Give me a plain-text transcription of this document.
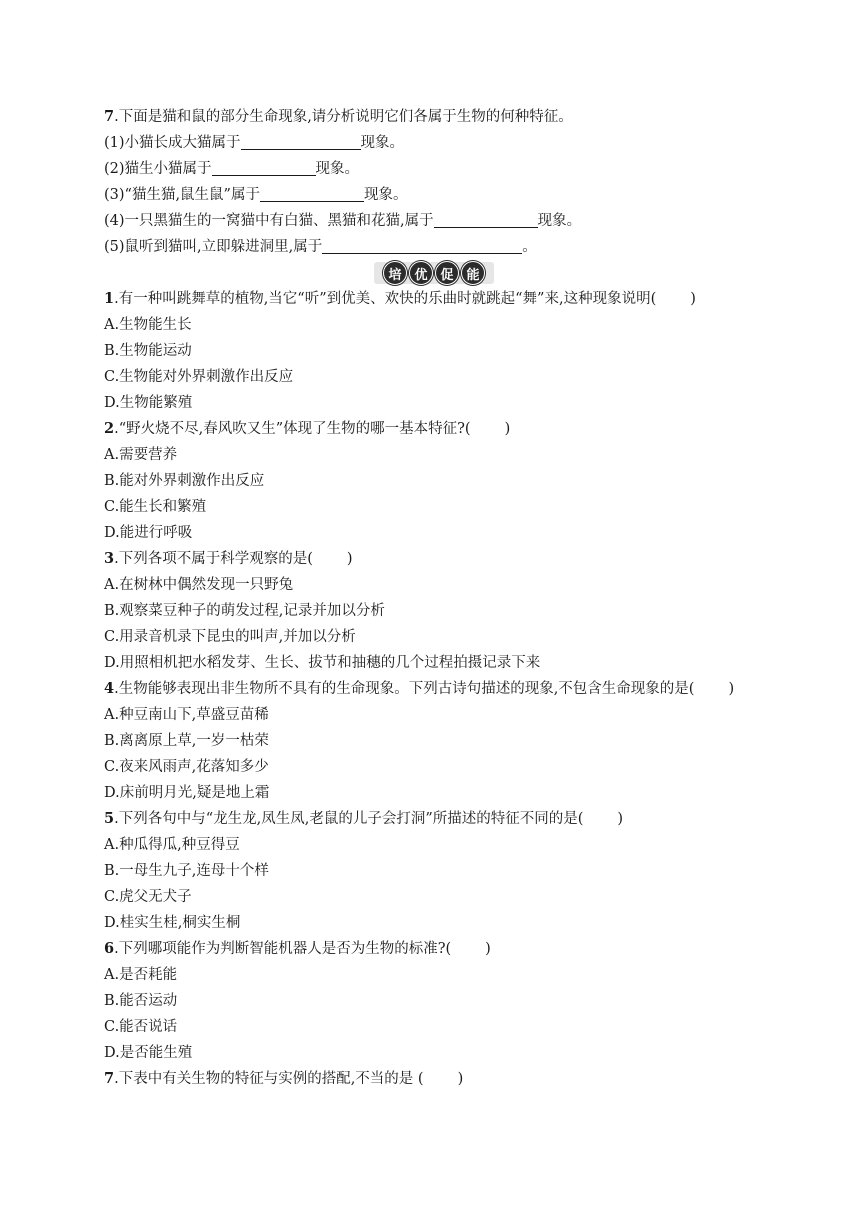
7.下面是猫和鼠的部分生命现象,请分析说明它们各属于生物的何种特征。
(1)小猫长成大猫属于	现象。
(2)猫生小猫属于	现象。
(3)“猫生猫,鼠生鼠”属于	现象。
(4)一只黑猫生的一窝猫中有白猫、黑猫和花猫,属于	现象。
(5)鼠听到猫叫,立即躲进洞里,属于	。
培 优 促 能
1.有一种叫跳舞草的植物,当它“听”到优美、欢快的乐曲时就跳起“舞”来,这种现象说明( )
A.生物能生长
B.生物能运动
C.生物能对外界刺激作出反应
D.生物能繁殖
2.“野火烧不尽,春风吹又生”体现了生物的哪一基本特征?( )
A.需要营养
B.能对外界刺激作出反应
C.能生长和繁殖
D.能进行呼吸
3.下列各项不属于科学观察的是( )
A.在树林中偶然发现一只野兔
B.观察菜豆种子的萌发过程,记录并加以分析
C.用录音机录下昆虫的叫声,并加以分析
D.用照相机把水稻发芽、生长、拔节和抽穗的几个过程拍摄记录下来
4.生物能够表现出非生物所不具有的生命现象。下列古诗句描述的现象,不包含生命现象的是( )
A.种豆南山下,草盛豆苗稀
B.离离原上草,一岁一枯荣
C.夜来风雨声,花落知多少
D.床前明月光,疑是地上霜
5.下列各句中与“龙生龙,凤生凤,老鼠的儿子会打洞”所描述的特征不同的是( )
A.种瓜得瓜,种豆得豆
B.一母生九子,连母十个样
C.虎父无犬子
D.桂实生桂,桐实生桐
6.下列哪项能作为判断智能机器人是否为生物的标准?( )
A.是否耗能
B.能否运动
C.能否说话
D.是否能生殖
7.下表中有关生物的特征与实例的搭配,不当的是 ( )
